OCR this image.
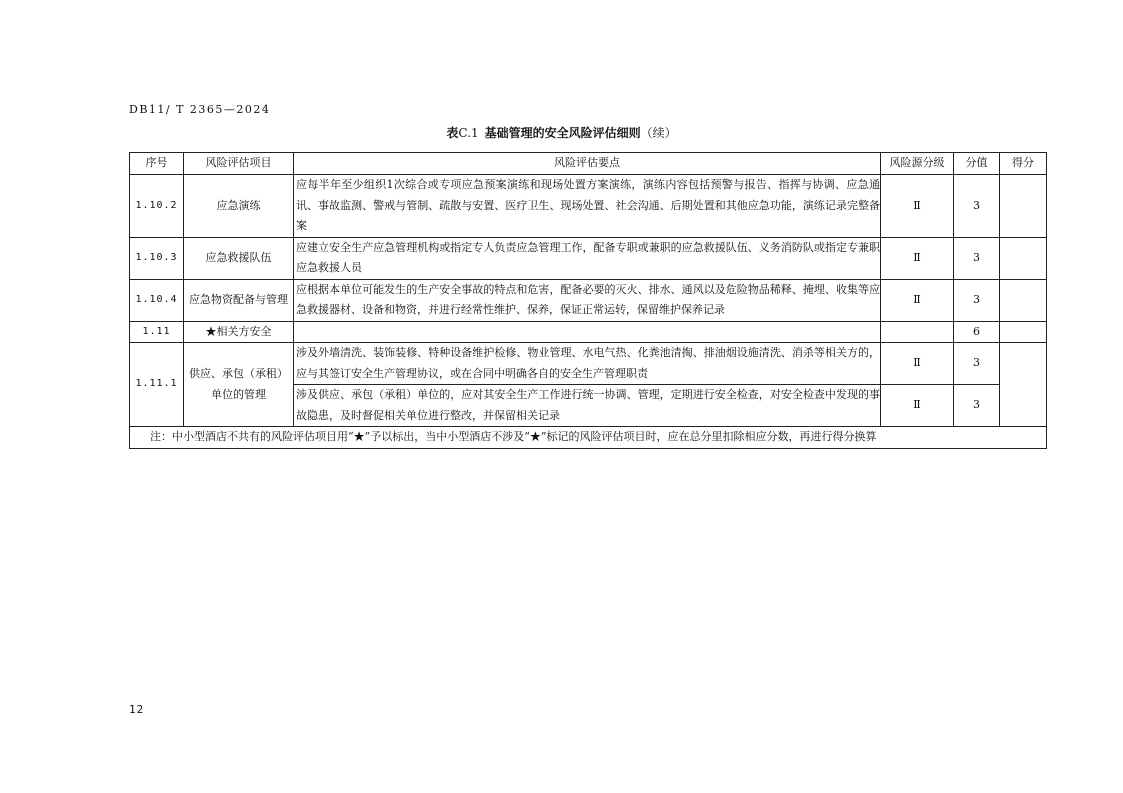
DB11/ T 2365—2024
表C.1 基础管理的安全风险评估细则（续）
序号	风险评估项目	风险评估要点	风险源分级	分值	得分
1.10.2	应急演练	应每半年至少组织1次综合或专项应急预案演练和现场处置方案演练，演练内容包括预警与报告、指挥与协调、应急通讯、事故监测、警戒与管制、疏散与安置、医疗卫生、现场处置、社会沟通、后期处置和其他应急功能，演练记录完整备案	Ⅱ	3	
1.10.3	应急救援队伍	应建立安全生产应急管理机构或指定专人负责应急管理工作，配备专职或兼职的应急救援队伍、义务消防队或指定专兼职应急救援人员	Ⅱ	3	
1.10.4	应急物资配备与管理	应根据本单位可能发生的生产安全事故的特点和危害，配备必要的灭火、排水、通风以及危险物品稀释、掩埋、收集等应急救援器材、设备和物资，并进行经常性维护、保养，保证正常运转，保留维护保养记录	Ⅱ	3	
1.11	★相关方安全			6	
1.11.1	供应、承包（承租）单位的管理	涉及外墙清洗、装饰装修、特种设备维护检修、物业管理、水电气热、化粪池清掏、排油烟设施清洗、消杀等相关方的，应与其签订安全生产管理协议，或在合同中明确各自的安全生产管理职责	Ⅱ	3	
		涉及供应、承包（承租）单位的，应对其安全生产工作进行统一协调、管理，定期进行安全检查，对安全检查中发现的事故隐患，及时督促相关单位进行整改，并保留相关记录	Ⅱ	3	
注：中小型酒店不共有的风险评估项目用“★”予以标出，当中小型酒店不涉及“★”标记的风险评估项目时，应在总分里扣除相应分数，再进行得分换算					
12
